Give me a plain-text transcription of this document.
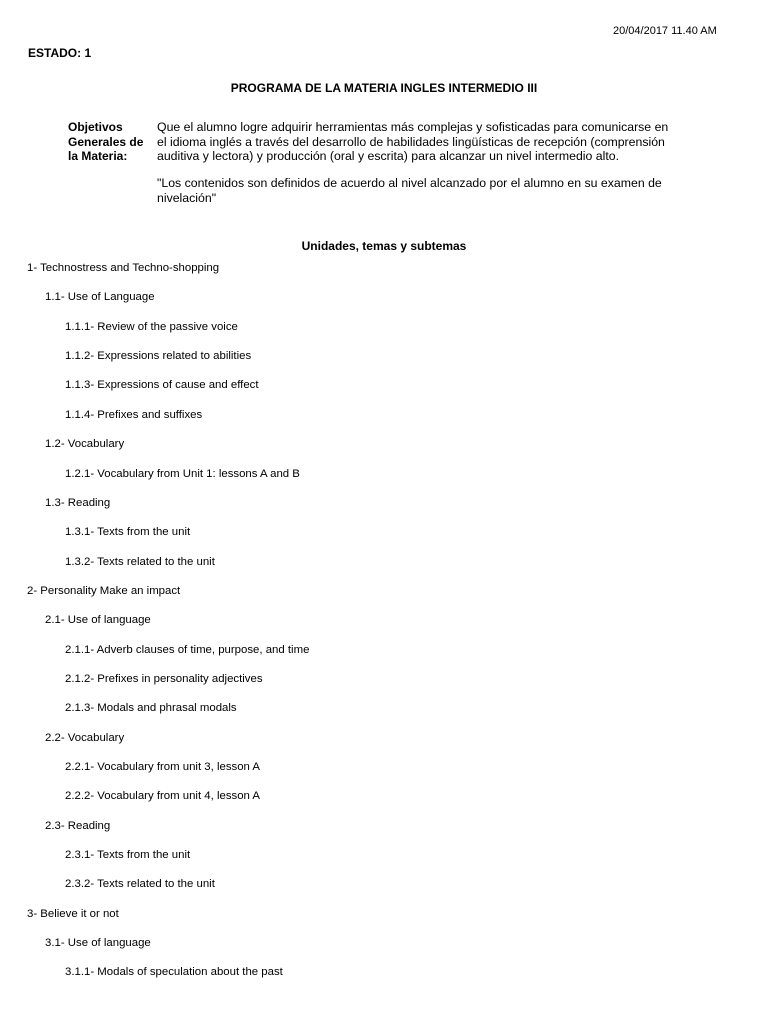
20/04/2017 11.40 AM
ESTADO: 1
PROGRAMA DE LA MATERIA INGLES INTERMEDIO III
Objetivos
Generales de
la Materia:
Que el alumno logre adquirir herramientas más complejas y sofisticadas para comunicarse en
el idioma inglés a través del desarrollo de habilidades lingüísticas de recepción (comprensión
auditiva y lectora) y producción (oral y escrita) para alcanzar un nivel intermedio alto.
"Los contenidos son definidos de acuerdo al nivel alcanzado por el alumno en su examen de
nivelación"
Unidades, temas y subtemas
1- Technostress and Techno-shopping
1.1- Use of Language
1.1.1- Review of the passive voice
1.1.2- Expressions related to abilities
1.1.3- Expressions of cause and effect
1.1.4- Prefixes and suffixes
1.2- Vocabulary
1.2.1- Vocabulary from Unit 1: lessons A and B
1.3- Reading
1.3.1- Texts from the unit
1.3.2- Texts related to the unit
2- Personality Make an impact
2.1- Use of language
2.1.1- Adverb clauses of time, purpose, and time
2.1.2- Prefixes in personality adjectives
2.1.3- Modals and phrasal modals
2.2- Vocabulary
2.2.1- Vocabulary from unit 3, lesson A
2.2.2- Vocabulary from unit 4, lesson A
2.3- Reading
2.3.1- Texts from the unit
2.3.2- Texts related to the unit
3- Believe it or not
3.1- Use of language
3.1.1- Modals of speculation about the past
